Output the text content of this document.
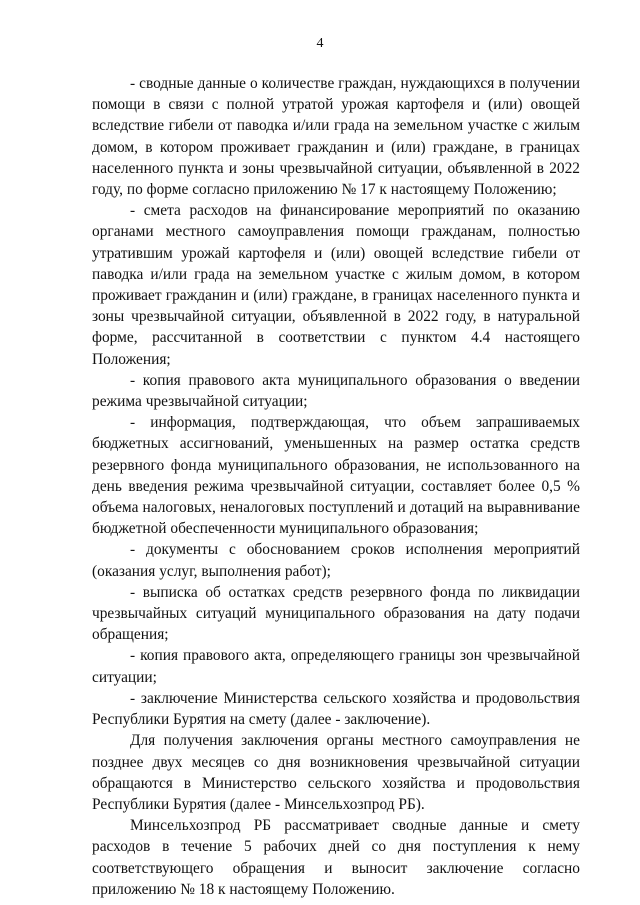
4

- сводные данные о количестве граждан, нуждающихся в получении помощи в связи с полной утратой урожая картофеля и (или) овощей вследствие гибели от паводка и/или града на земельном участке с жилым домом, в котором проживает гражданин и (или) граждане, в границах населенного пункта и зоны чрезвычайной ситуации, объявленной в 2022 году, по форме согласно приложению № 17 к настоящему Положению;

- смета расходов на финансирование мероприятий по оказанию органами местного самоуправления помощи гражданам, полностью утратившим урожай картофеля и (или) овощей вследствие гибели от паводка и/или града на земельном участке с жилым домом, в котором проживает гражданин и (или) граждане, в границах населенного пункта и зоны чрезвычайной ситуации, объявленной в 2022 году, в натуральной форме, рассчитанной в соответствии с пунктом 4.4 настоящего Положения;

- копия правового акта муниципального образования о введении режима чрезвычайной ситуации;

- информация, подтверждающая, что объем запрашиваемых бюджетных ассигнований, уменьшенных на размер остатка средств резервного фонда муниципального образования, не использованного на день введения режима чрезвычайной ситуации, составляет более 0,5 % объема налоговых, неналоговых поступлений и дотаций на выравнивание бюджетной обеспеченности муниципального образования;

- документы с обоснованием сроков исполнения мероприятий (оказания услуг, выполнения работ);

- выписка об остатках средств резервного фонда по ликвидации чрезвычайных ситуаций муниципального образования на дату подачи обращения;

- копия правового акта, определяющего границы зон чрезвычайной ситуации;

- заключение Министерства сельского хозяйства и продовольствия Республики Бурятия на смету (далее - заключение).

Для получения заключения органы местного самоуправления не позднее двух месяцев со дня возникновения чрезвычайной ситуации обращаются в Министерство сельского хозяйства и продовольствия Республики Бурятия (далее - Минсельхозпрод РБ).

Минсельхозпрод РБ рассматривает сводные данные и смету расходов в течение 5 рабочих дней со дня поступления к нему соответствующего обращения и выносит заключение согласно приложению № 18 к настоящему Положению.
